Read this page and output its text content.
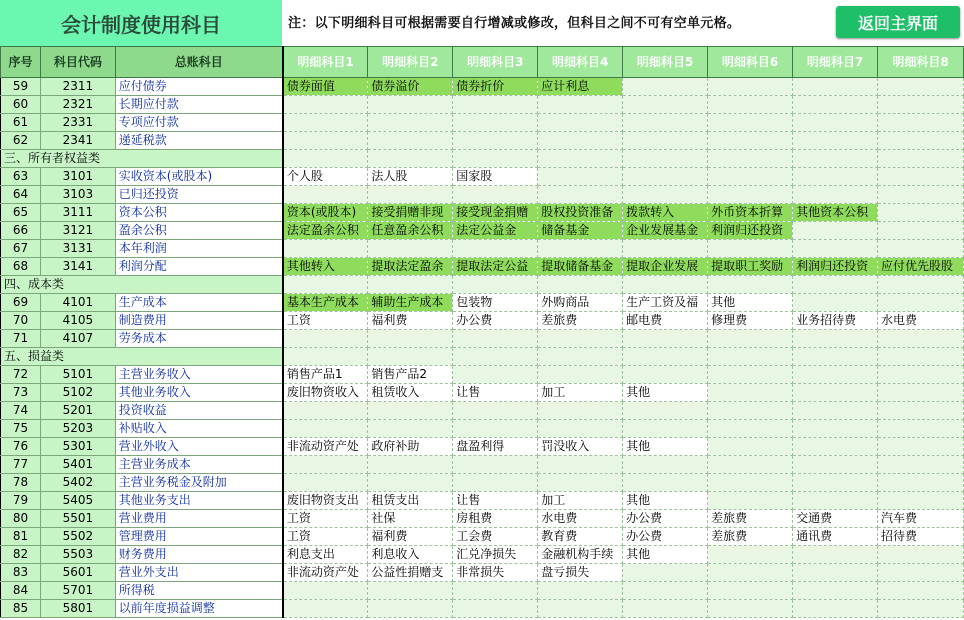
会计制度使用科目	注：以下明细科目可根据需要自行增减或修改，但科目之间不可有空单元格。	返回主界面
序号	科目代码	总账科目	明细科目1	明细科目2	明细科目3	明细科目4	明细科目5	明细科目6	明细科目7	明细科目8
59	2311	应付债券	债券面值	债券溢价	债券折价	应计利息				
60	2321	长期应付款								
61	2331	专项应付款								
62	2341	递延税款								
三、所有者权益类										
63	3101	实收资本(或股本)	个人股	法人股	国家股					
64	3103	已归还投资								
65	3111	资本公积	资本(或股本)	接受捐赠非现	接受现金捐赠	股权投资准备	拨款转入	外币资本折算	其他资本公积	
66	3121	盈余公积	法定盈余公积	任意盈余公积	法定公益金	储备基金	企业发展基金	利润归还投资		
67	3131	本年利润								
68	3141	利润分配	其他转入	提取法定盈余	提取法定公益	提取储备基金	提取企业发展	提取职工奖励	利润归还投资	应付优先股股
四、成本类										
69	4101	生产成本	基本生产成本	辅助生产成本	包装物	外购商品	生产工资及福	其他		
70	4105	制造费用	工资	福利费	办公费	差旅费	邮电费	修理费	业务招待费	水电费
71	4107	劳务成本								
五、损益类										
72	5101	主营业务收入	销售产品1	销售产品2						
73	5102	其他业务收入	废旧物资收入	租赁收入	让售	加工	其他			
74	5201	投资收益								
75	5203	补贴收入								
76	5301	营业外收入	非流动资产处	政府补助	盘盈利得	罚没收入	其他			
77	5401	主营业务成本								
78	5402	主营业务税金及附加								
79	5405	其他业务支出	废旧物资支出	租赁支出	让售	加工	其他			
80	5501	营业费用	工资	社保	房租费	水电费	办公费	差旅费	交通费	汽车费
81	5502	管理费用	工资	福利费	工会费	教育费	办公费	差旅费	通讯费	招待费
82	5503	财务费用	利息支出	利息收入	汇兑净损失	金融机构手续	其他			
83	5601	营业外支出	非流动资产处	公益性捐赠支	非常损失	盘亏损失				
84	5701	所得税								
85	5801	以前年度损益调整								
